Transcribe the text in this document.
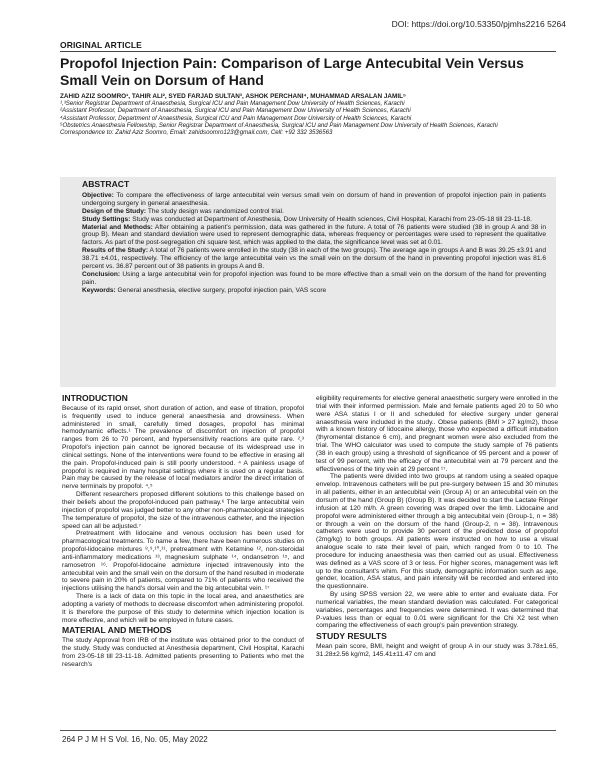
DOI: https://doi.org/10.53350/pjmhs2216 5264
ORIGINAL ARTICLE
Propofol Injection Pain: Comparison of Large Antecubital Vein Versus Small Vein on Dorsum of Hand

ZAHID AZIZ SOOMRO¹, TAHIR ALI², SYED FARJAD SULTAN³, ASHOK PERCHANI⁴, MUHAMMAD ARSALAN JAMIL⁵

¹,³Senior Registrar Department of Anaesthesia, Surgical ICU and Pain Management Dow University of Health Sciences, Karachi

²Assistant Professor, Department of Anaesthesia, Surgical ICU and Pain Management Dow University of Health Sciences, Karachi

⁴Assistant Professor, Department of Anaesthesia, Surgical ICU and Pain Management Dow University of Health Sciences, Karachi

⁵Obstetrics Anaesthesia Fellowship, Senior Registrar Department of Anaesthesia, Surgical ICU and Pain Management Dow University of Health Sciences, Karachi

Correspondence to: Zahid Aziz Soomro, Email: zahidsoomro123@gmail.com, Cell: +92 332 3536563

ABSTRACT

Objective: To compare the effectiveness of large antecubital vein versus small vein on dorsum of hand in prevention of propofol injection pain in patients undergoing surgery in general anaesthesia.

Design of the Study: The study design was randomized control trial.

Study Settings: Study was conducted at Department of Anesthesia, Dow University of Health sciences, Civil Hospital, Karachi from 23-05-18 till 23-11-18.

Material and Methods: After obtaining a patient's permission, data was gathered in the future. A total of 76 patients were studied (38 in group A and 38 in group B). Mean and standard deviation were used to represent demographic data, whereas frequency or percentages were used to represent the qualitative factors. As part of the post-segregation chi square test, which was applied to the data, the significance level was set at 0.01.

Results of the Study: A total of 76 patients were enrolled in the study (38 in each of the two groups). The average age in groups A and B was 39.25 ±3.91 and 38.71 ±4.01, respectively. The efficiency of the large antecubital vein vs the small vein on the dorsum of the hand in preventing propofol injection was 81.6 percent vs. 36.87 percent out of 38 patients in groups A and B.

Conclusion: Using a large antecubital vein for propofol injection was found to be more effective than a small vein on the dorsum of the hand for preventing pain.

Keywords: General anesthesia, elective surgery, propofol injection pain, VAS score

INTRODUCTION

Because of its rapid onset, short duration of action, and ease of titration, propofol is frequently used to induce general anaesthesia and drowsiness. When administered in small, carefully timed dosages, propofol has minimal hemodynamic effects.¹ The prevalence of discomfort on injection of propofol ranges from 26 to 70 percent, and hypersensitivity reactions are quite rare. ²,³ Propofol's injection pain cannot be ignored because of its widespread use in clinical settings. None of the interventions were found to be effective in erasing all the pain. Propofol-induced pain is still poorly understood. ⁴ A painless usage of propofol is required in many hospital settings where it is used on a regular basis. Pain may be caused by the release of local mediators and/or the direct irritation of nerve terminals by propofol. ⁴,⁵

Different researchers proposed different solutions to this challenge based on their beliefs about the propofol-induced pain pathway.⁶ The large antecubital vein injection of propofol was judged better to any other non-pharmacological strategies The temperature of propofol, the size of the intravenous catheter, and the injection speed can all be adjusted.⁷

Pretreatment with lidocaine and venous occlusion has been used for pharmacological treatments. To name a few, there have been numerous studies on propofol-lidocaine mixtures ⁸,⁹,¹⁰,¹¹, pretreatment with Ketamine ¹², non-steroidal anti-inflammatory medications ¹³, magnesium sulphate ¹⁴, ondansetron ¹⁵, and ramosetron ¹⁶. Propofol-lidocaine admixture injected intravenously into the antecubital vein and the small vein on the dorsum of the hand resulted in moderate to severe pain in 20% of patients, compared to 71% of patients who received the injections utilising the hand's dorsal vein and the big antecubital vein. ¹⁷

There is a lack of data on this topic in the local area, and anaesthetics are adopting a variety of methods to decrease discomfort when administering propofol. It is therefore the purpose of this study to determine which injection location is more effective, and which will be employed in future cases.

MATERIAL AND METHODS

The study Approval from IRB of the institute was obtained prior to the conduct of the study. Study was conducted at Anesthesia department, Civil Hospital, Karachi from 23-05-18 till 23-11-18. Admitted patients presenting to Patients who met the research's

eligibility requirements for elective general anaesthetic surgery were enrolled in the trial with their informed permission. Male and female patients aged 20 to 50 who were ASA status I or II and scheduled for elective surgery under general anaesthesia were included in the study.. Obese patients (BMI > 27 kg/m2), those with a known history of lidocaine allergy, those who expected a difficult intubation (thyromental distance 6 cm), and pregnant women were also excluded from the trial. The WHO calculator was used to compute the study sample of 76 patients (38 in each group) using a threshold of significance of 95 percent and a power of test of 99 percent, with the efficacy of the antecubital vein at 79 percent and the effectiveness of the tiny vein at 29 percent ¹⁷.

The patients were divided into two groups at random using a sealed opaque envelop. Intravenous catheters will be put pre-surgery between 15 and 30 minutes in all patients, either in an antecubital vein (Group A) or an antecubital vein on the dorsum of the hand (Group B) (Group B). It was decided to start the Lactate Ringer infusion at 120 ml/h. A green covering was draped over the limb. Lidocaine and propofol were administered either through a big antecubital vein (Group-1, n = 38) or through a vein on the dorsum of the hand (Group-2, n = 38). Intravenous catheters were used to provide 30 percent of the predicted dose of propofol (2mg/kg) to both groups. All patients were instructed on how to use a visual analogue scale to rate their level of pain, which ranged from 0 to 10. The procedure for inducing anaesthesia was then carried out as usual. Effectiveness was defined as a VAS score of 3 or less. For higher scores, management was left up to the consultant's whim. For this study, demographic information such as age, gender, location, ASA status, and pain intensity will be recorded and entered into the questionnaire.

By using SPSS version 22, we were able to enter and evaluate data. For numerical variables, the mean standard deviation was calculated. For categorical variables, percentages and frequencies were determined. It was determined that P-values less than or equal to 0.01 were significant for the Chi X2 test when comparing the effectiveness of each group's pain prevention strategy.

STUDY RESULTS

Mean pain score, BMI, height and weight of group A in our study was 3.78±1.65, 31.28±2.56 kg/m2, 145.41±11.47 cm and

264 P J M H S Vol. 16, No. 05, May 2022
